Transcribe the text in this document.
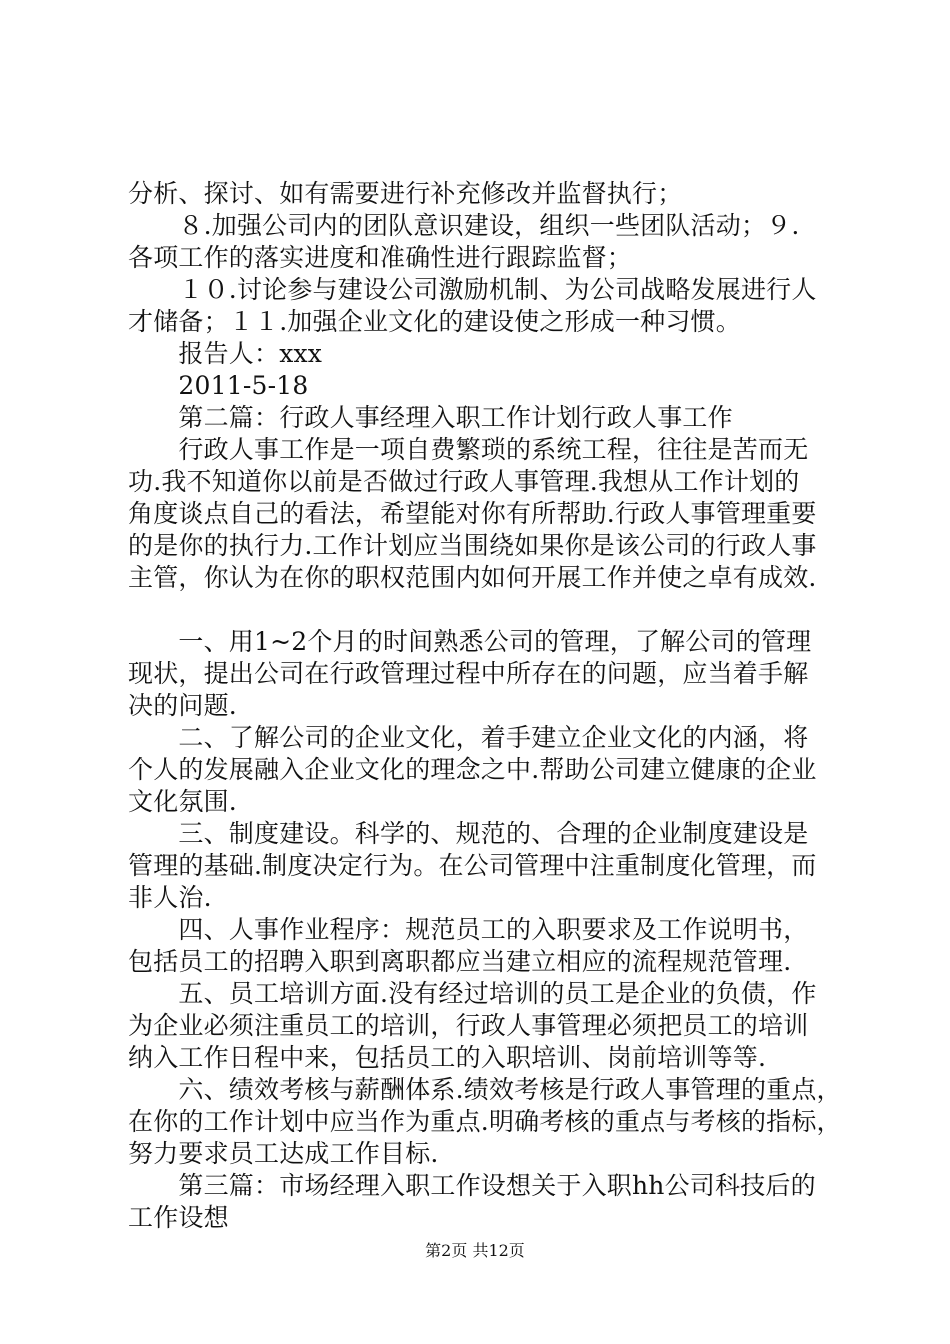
分析、探讨、如有需要进行补充修改并监督执行；
　　８.加强公司内的团队意识建设，组织一些团队活动；９.
各项工作的落实进度和准确性进行跟踪监督；
　　１０.讨论参与建设公司激励机制、为公司战略发展进行人
才储备；１１.加强企业文化的建设使之形成一种习惯。
　　报告人：xxx
　　2011-5-18
　　第二篇：行政人事经理入职工作计划行政人事工作
　　行政人事工作是一项自费繁琐的系统工程，往往是苦而无
功.我不知道你以前是否做过行政人事管理.我想从工作计划的
角度谈点自己的看法，希望能对你有所帮助.行政人事管理重要
的是你的执行力.工作计划应当围绕如果你是该公司的行政人事
主管，你认为在你的职权范围内如何开展工作并使之卓有成效.
　　一、用1~2个月的时间熟悉公司的管理，了解公司的管理
现状，提出公司在行政管理过程中所存在的问题，应当着手解
决的问题.
　　二、了解公司的企业文化，着手建立企业文化的内涵，将
个人的发展融入企业文化的理念之中.帮助公司建立健康的企业
文化氛围.
　　三、制度建设。科学的、规范的、合理的企业制度建设是
管理的基础.制度决定行为。在公司管理中注重制度化管理，而
非人治.
　　四、人事作业程序：规范员工的入职要求及工作说明书，
包括员工的招聘入职到离职都应当建立相应的流程规范管理.
　　五、员工培训方面.没有经过培训的员工是企业的负债，作
为企业必须注重员工的培训，行政人事管理必须把员工的培训
纳入工作日程中来，包括员工的入职培训、岗前培训等等.
　　六、绩效考核与薪酬体系.绩效考核是行政人事管理的重点，
在你的工作计划中应当作为重点.明确考核的重点与考核的指标，
努力要求员工达成工作目标.
　　第三篇：市场经理入职工作设想关于入职hh公司科技后的
工作设想
第2页 共12页
